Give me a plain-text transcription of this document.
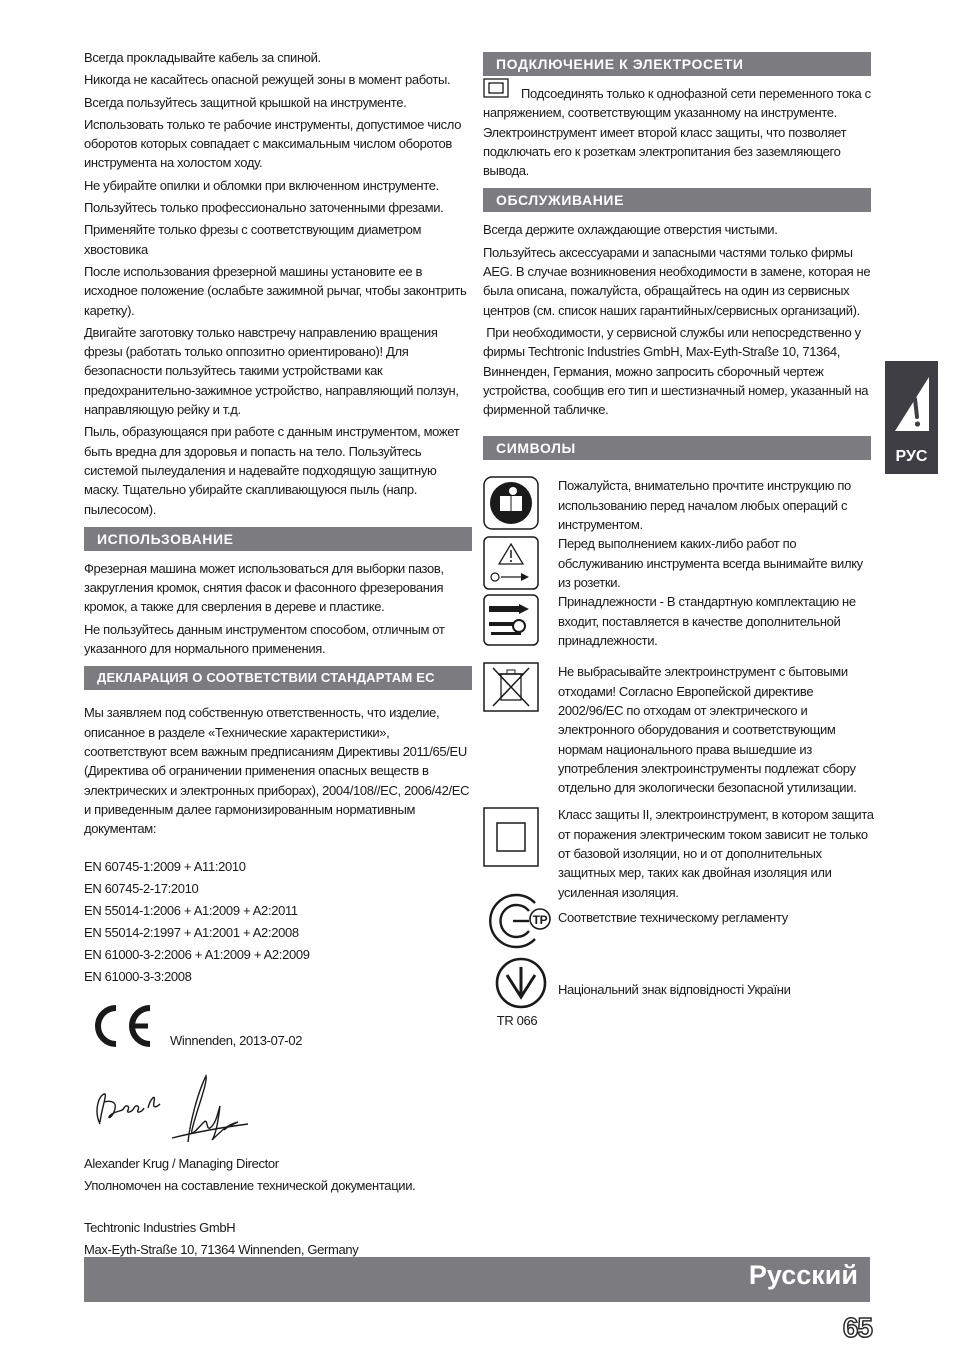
Всегда прокладывайте кабель за спиной.

Никогда не касайтесь опасной режущей зоны в момент работы.

Всегда пользуйтесь защитной крышкой на инструменте.

Использовать только те рабочие инструменты, допустимое число оборотов которых совпадает с максимальным числом оборотов инструмента на холостом ходу.

Не убирайте опилки и обломки при включенном инструменте.

Пользуйтесь только профессионально заточенными фрезами.

Применяйте только фрезы с соответствующим диаметром хвостовика

После использования фрезерной машины установите ее в исходное положение (ослабьте зажимной рычаг, чтобы законтрить каретку).

Двигайте заготовку только навстречу направлению вращения фрезы (работать только оппозитно ориентировано)! Для безопасности пользуйтесь такими устройствами как предохранительно-зажимное устройство, направляющий ползун, направляющую рейку и т.д.

Пыль, образующаяся при работе с данным инструментом, может быть вредна для здоровья и попасть на тело. Пользуйтесь системой пылеудаления и надевайте подходящую защитную маску. Тщательно убирайте скапливающуюся пыль (напр. пылесосом).

ИСПОЛЬЗОВАНИЕ

Фрезерная машина может использоваться для выборки пазов, закругления кромок, снятия фасок и фасонного фрезерования кромок, а также для сверления в дереве и пластике.

Не пользуйтесь данным инструментом способом, отличным от указанного для нормального применения.

ДЕКЛАРАЦИЯ О СООТВЕТСТВИИ СТАНДАРТАМ ЕС

Мы заявляем под собственную ответственность, что изделие, описанное в разделе «Технические характеристики», соответствуют всем важным предписаниям Директивы 2011/65/EU (Директива об ограничении применения опасных веществ в электрических и электронных приборах), 2004/108//EC, 2006/42/EC и приведенным далее гармонизированным нормативным документам:

EN 60745-1:2009 + A11:2010

EN 60745-2-17:2010

EN 55014-1:2006 + A1:2009 + A2:2011

EN 55014-2:1997 + A1:2001 + A2:2008

EN 61000-3-2:2006 + A1:2009 + A2:2009

EN 61000-3-3:2008

Winnenden, 2013-07-02

Alexander Krug / Managing Director

Уполномочен на составление технической документации.

Techtronic Industries GmbH

Max-Eyth-Straße 10, 71364 Winnenden, Germany

ПОДКЛЮЧЕНИЕ К ЭЛЕКТРОСЕТИ

Подсоединять только к однофазной сети переменного тока с напряжением, соответствующим указанному на инструменте. Электроинструмент имеет второй класс защиты, что позволяет подключать его к розеткам электропитания без заземляющего вывода.

ОБСЛУЖИВАНИЕ

Всегда держите охлаждающие отверстия чистыми.

Пользуйтесь аксессуарами и запасными частями только фирмы AEG. В случае возникновения необходимости в замене, которая не была описана, пожалуйста, обращайтесь на один из сервисных центров (см. список наших гарантийных/сервисных организаций).

При необходимости, у сервисной службы или непосредственно у фирмы Techtronic Industries GmbH, Max-Eyth-Straße 10, 71364, Винненден, Германия, можно запросить сборочный чертеж устройства, сообщив его тип и шестизначный номер, указанный на фирменной табличке.

СИМВОЛЫ
Пожалуйста, внимательно прочтите инструкцию по использованию перед началом любых операций с инструментом.
Перед выполнением каких-либо работ по обслуживанию инструмента всегда вынимайте вилку из розетки.
Принадлежности - В стандартную комплектацию не входит, поставляется в качестве дополнительной принадлежности.
Не выбрасывайте электроинструмент с бытовыми отходами! Согласно Европейской директиве 2002/96/EC по отходам от электрического и электронного оборудования и соответствующим нормам национального права вышедшие из употребления электроинструменты подлежат сбору отдельно для экологически безопасной утилизации.
Класс защиты II, электроинструмент, в котором защита от поражения электрическим током зависит не только от базовой изоляции, но и от дополнительных защитных мер, таких как двойная изоляция или усиленная изоляция.
ТР Соответствие техническому регламенту
TR 066
Національний знак відповідності України
РУС
Русский
65
